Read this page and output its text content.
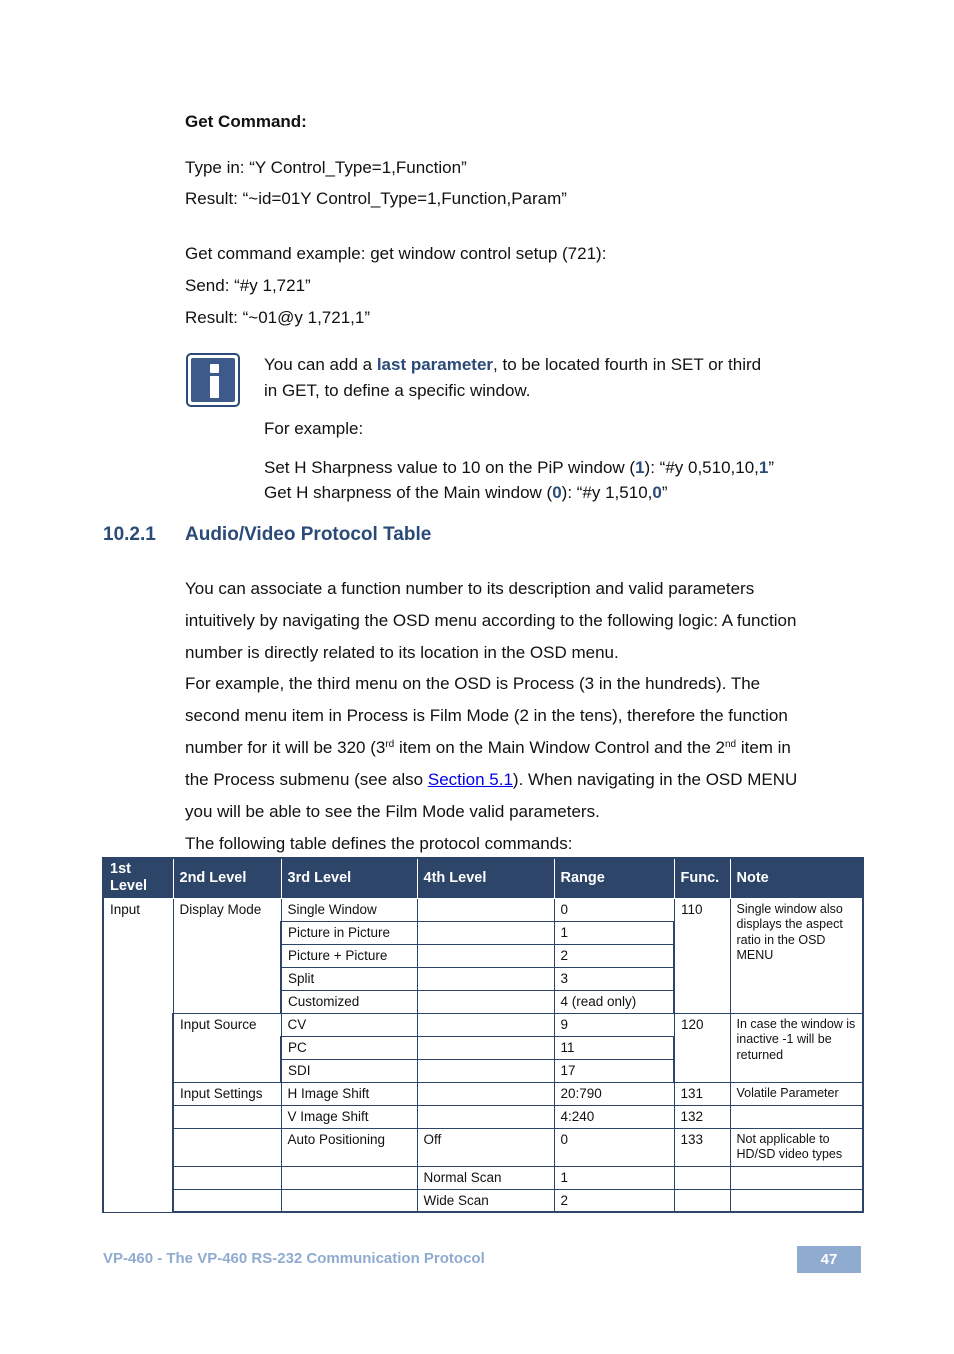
Get Command:
Type in: “Y Control_Type=1,Function”
Result: “~id=01Y Control_Type=1,Function,Param”
Get command example: get window control setup (721):
Send: “#y 1,721”
Result: “~01@y 1,721,1”
You can add a last parameter, to be located fourth in SET or third
in GET, to define a specific window.
For example:
Set H Sharpness value to 10 on the PiP window (1): “#y 0,510,10,1”
Get H sharpness of the Main window (0): “#y 1,510,0”
10.2.1 Audio/Video Protocol Table
You can associate a function number to its description and valid parameters
intuitively by navigating the OSD menu according to the following logic: A function
number is directly related to its location in the OSD menu.
For example, the third menu on the OSD is Process (3 in the hundreds). The
second menu item in Process is Film Mode (2 in the tens), therefore the function
number for it will be 320 (3rd item on the Main Window Control and the 2nd item in
the Process submenu (see also Section 5.1). When navigating in the OSD MENU
you will be able to see the Film Mode valid parameters.
The following table defines the protocol commands:
1st Level	2nd Level	3rd Level	4th Level	Range	Func.	Note
Input	Display Mode	Single Window		0	110	Single window also displays the aspect ratio in the OSD MENU
		Picture in Picture		1		
		Picture + Picture		2		
		Split		3		
		Customized		4 (read only)		
	Input Source	CV		9	120	In case the window is inactive -1 will be returned
		PC		11		
		SDI		17		
	Input Settings	H Image Shift		20:790	131	Volatile Parameter
		V Image Shift		4:240	132	
		Auto Positioning	Off	0	133	Not applicable to HD/SD video types
			Normal Scan	1		
			Wide Scan	2		
VP-460 - The VP-460 RS-232 Communication Protocol	47
